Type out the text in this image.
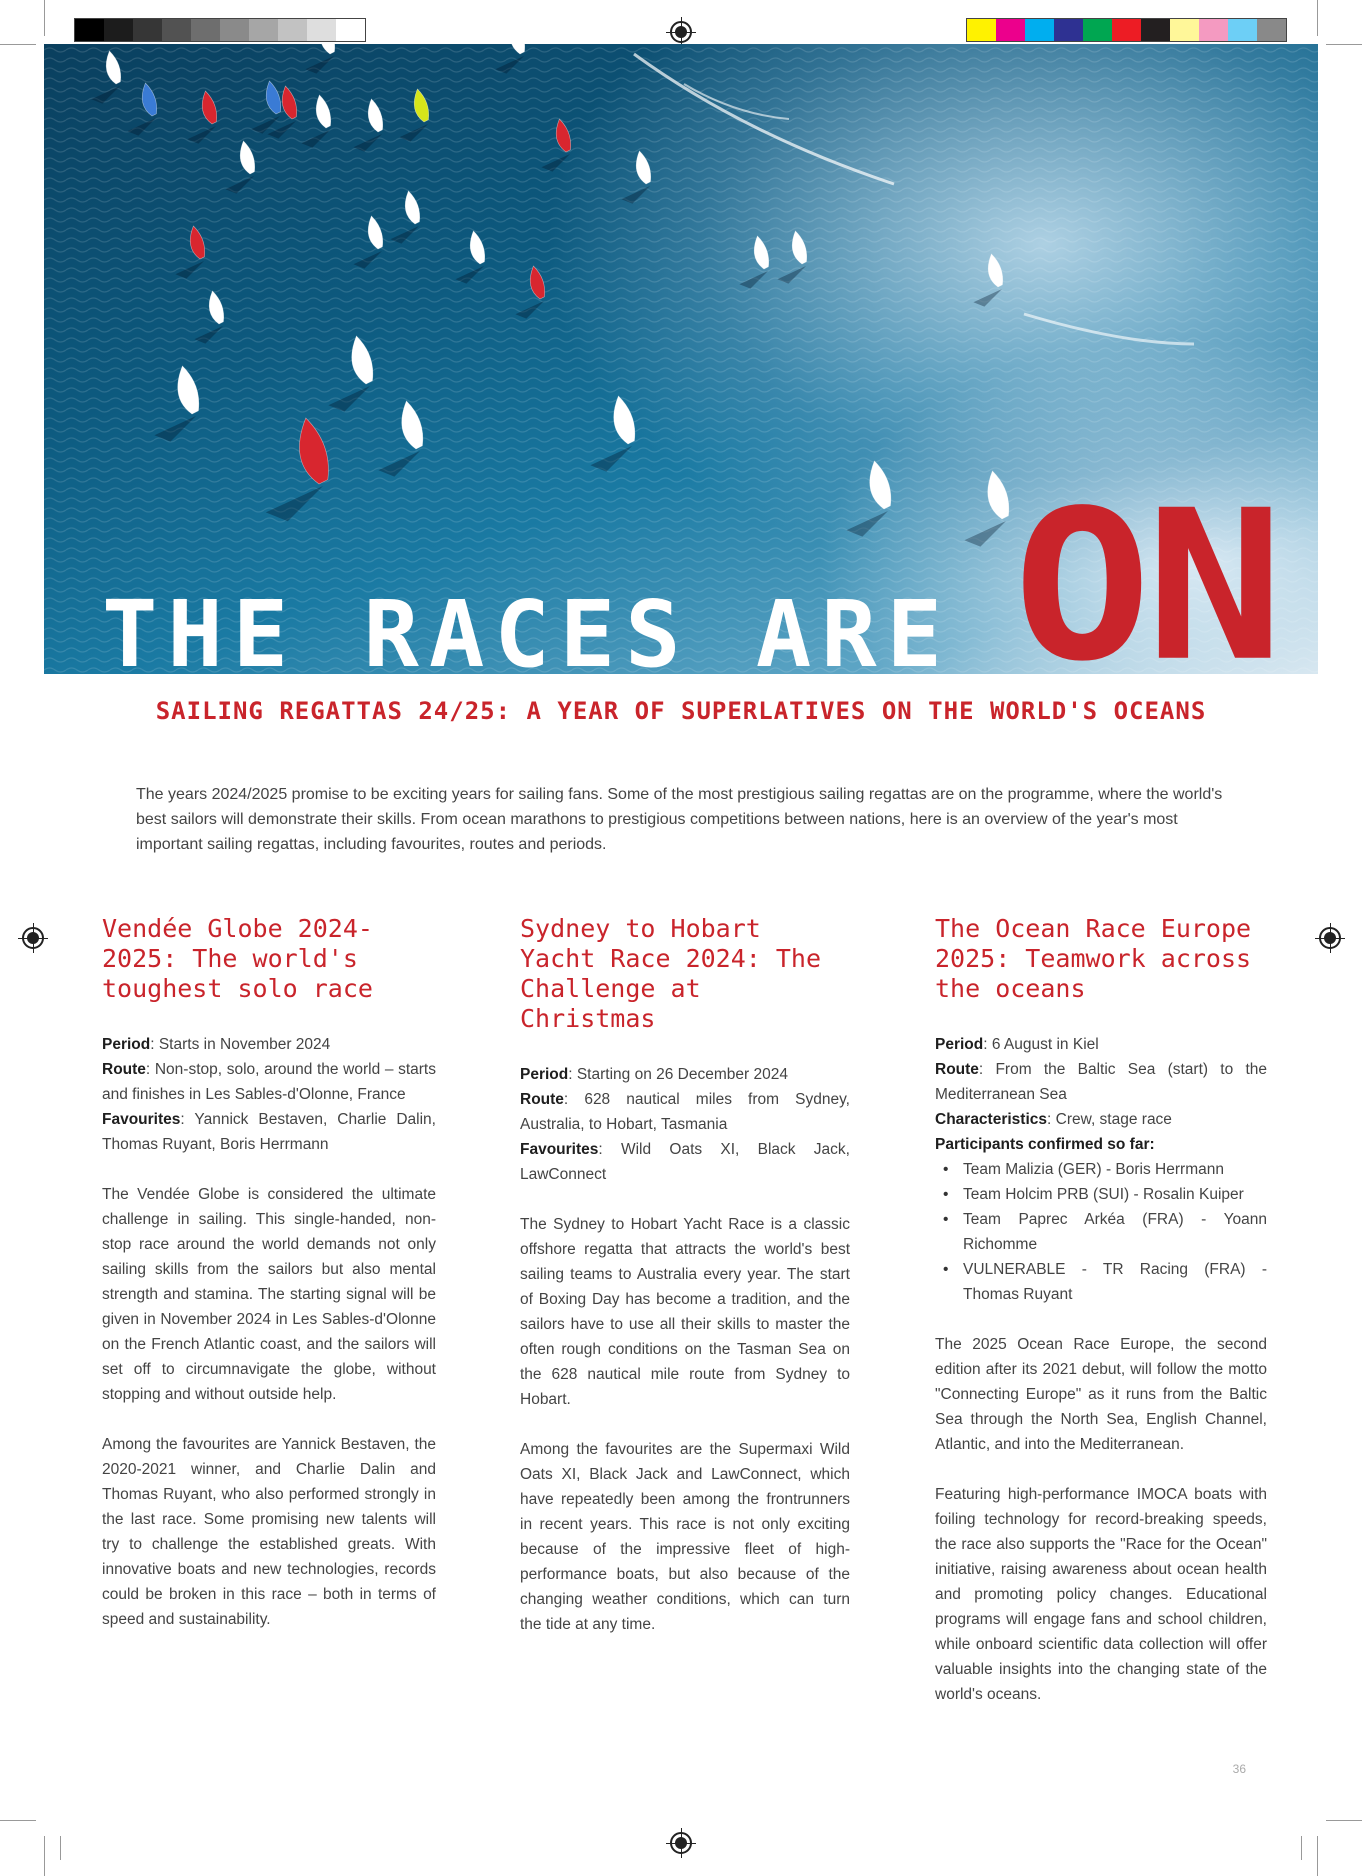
THE RACES ARE ON
SAILING REGATTAS 24/25: A YEAR OF SUPERLATIVES ON THE WORLD'S OCEANS

The years 2024/2025 promise to be exciting years for sailing fans. Some of the most prestigious sailing regattas are on the programme, where the world's best sailors will demonstrate their skills. From ocean marathons to prestigious competitions between nations, here is an overview of the year's most important sailing regattas, including favourites, routes and periods.

Vendée Globe 2024-2025: The world's toughest solo race

Period: Starts in November 2024

Route: Non-stop, solo, around the world – starts and finishes in Les Sables-d'Olonne, France

Favourites: Yannick Bestaven, Charlie Dalin, Thomas Ruyant, Boris Herrmann

The Vendée Globe is considered the ultimate challenge in sailing. This single-handed, non-stop race around the world demands not only sailing skills from the sailors but also mental strength and stamina. The starting signal will be given in November 2024 in Les Sables-d'Olonne on the French Atlantic coast, and the sailors will set off to circumnavigate the globe, without stopping and without outside help.

Among the favourites are Yannick Bestaven, the 2020-2021 winner, and Charlie Dalin and Thomas Ruyant, who also performed strongly in the last race. Some promising new talents will try to challenge the established greats. With innovative boats and new technologies, records could be broken in this race – both in terms of speed and sustainability.

Sydney to Hobart Yacht Race 2024: The Challenge at Christmas

Period: Starting on 26 December 2024

Route: 628 nautical miles from Sydney, Australia, to Hobart, Tasmania

Favourites: Wild Oats XI, Black Jack, LawConnect

The Sydney to Hobart Yacht Race is a classic offshore regatta that attracts the world's best sailing teams to Australia every year. The start of Boxing Day has become a tradition, and the sailors have to use all their skills to master the often rough conditions on the Tasman Sea on the 628 nautical mile route from Sydney to Hobart.

Among the favourites are the Supermaxi Wild Oats XI, Black Jack and LawConnect, which have repeatedly been among the frontrunners in recent years. This race is not only exciting because of the impressive fleet of high-performance boats, but also because of the changing weather conditions, which can turn the tide at any time.

The Ocean Race Europe 2025: Teamwork across the oceans

Period: 6 August in Kiel

Route: From the Baltic Sea (start) to the Mediterranean Sea

Characteristics: Crew, stage race

Participants confirmed so far:

• Team Malizia (GER) - Boris Herrmann
• Team Holcim PRB (SUI) - Rosalin Kuiper
• Team Paprec Arkéa (FRA) - Yoann Richomme
• VULNERABLE - TR Racing (FRA) - Thomas Ruyant

The 2025 Ocean Race Europe, the second edition after its 2021 debut, will follow the motto "Connecting Europe" as it runs from the Baltic Sea through the North Sea, English Channel, Atlantic, and into the Mediterranean.

Featuring high-performance IMOCA boats with foiling technology for record-breaking speeds, the race also supports the "Race for the Ocean" initiative, raising awareness about ocean health and promoting policy changes. Educational programs will engage fans and school children, while onboard scientific data collection will offer valuable insights into the changing state of the world's oceans.

36
